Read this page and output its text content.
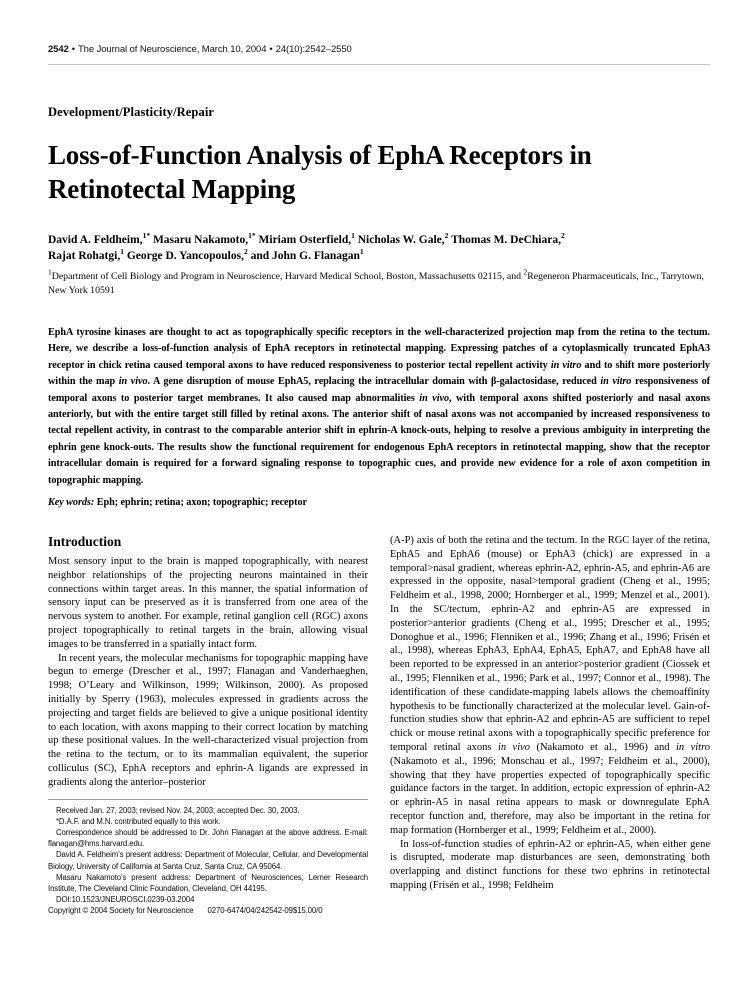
2542 • The Journal of Neuroscience, March 10, 2004 • 24(10):2542–2550
Development/Plasticity/Repair
Loss-of-Function Analysis of EphA Receptors in
Retinotectal Mapping

David A. Feldheim,$^{1*}$ Masaru Nakamoto,$^{1*}$ Miriam Osterfield,$^1$ Nicholas W. Gale,$^2$ Thomas M. DeChiara,$^2$
Rajat Rohatgi,$^1$ George D. Yancopoulos,$^2$ and John G. Flanagan$^1$

$^1$Department of Cell Biology and Program in Neuroscience, Harvard Medical School, Boston, Massachusetts 02115, and $^2$Regeneron Pharmaceuticals, Inc., Tarrytown, New York 10591

EphA tyrosine kinases are thought to act as topographically specific receptors in the well-characterized projection map from the retina to the tectum. Here, we describe a loss-of-function analysis of EphA receptors in retinotectal mapping. Expressing patches of a cytoplasmically truncated EphA3 receptor in chick retina caused temporal axons to have reduced responsiveness to posterior tectal repellent activity in vitro and to shift more posteriorly within the map in vivo. A gene disruption of mouse EphA5, replacing the intracellular domain with β-galactosidase, reduced in vitro responsiveness of temporal axons to posterior target membranes. It also caused map abnormalities in vivo, with temporal axons shifted posteriorly and nasal axons anteriorly, but with the entire target still filled by retinal axons. The anterior shift of nasal axons was not accompanied by increased responsiveness to tectal repellent activity, in contrast to the comparable anterior shift in ephrin-A knock-outs, helping to resolve a previous ambiguity in interpreting the ephrin gene knock-outs. The results show the functional requirement for endogenous EphA receptors in retinotectal mapping, show that the receptor intracellular domain is required for a forward signaling response to topographic cues, and provide new evidence for a role of axon competition in topographic mapping.

Key words: Eph; ephrin; retina; axon; topographic; receptor

Introduction

Most sensory input to the brain is mapped topographically, with nearest neighbor relationships of the projecting neurons maintained in their connections within target areas. In this manner, the spatial information of sensory input can be preserved as it is transferred from one area of the nervous system to another. For example, retinal ganglion cell (RGC) axons project topographically to retinal targets in the brain, allowing visual images to be transferred in a spatially intact form.

In recent years, the molecular mechanisms for topographic mapping have begun to emerge (Drescher et al., 1997; Flanagan and Vanderhaeghen, 1998; O’Leary and Wilkinson, 1999; Wilkinson, 2000). As proposed initially by Sperry (1963), molecules expressed in gradients across the projecting and target fields are believed to give a unique positional identity to each location, with axons mapping to their correct location by matching up these positional values. In the well-characterized visual projection from the retina to the tectum, or to its mammalian equivalent, the superior colliculus (SC), EphA receptors and ephrin-A ligands are expressed in gradients along the anterior–posterior

Received Jan. 27, 2003; revised Nov. 24, 2003; accepted Dec. 30, 2003.

*D.A.F. and M.N. contributed equally to this work.

Correspondence should be addressed to Dr. John Flanagan at the above address. E-mail: flanagan@hms.harvard.edu.

David A. Feldheim’s present address: Department of Molecular, Cellular, and Developmental Biology, University of California at Santa Cruz, Santa Cruz, CA 95064.

Masaru Nakamoto’s present address: Department of Neurosciences, Lerner Research Institute, The Cleveland Clinic Foundation, Cleveland, OH 44195.

DOI:10.1523/JNEUROSCI.0239-03.2004

Copyright © 2004 Society for Neuroscience 0270-6474/04/242542-09$15.00/0

(A-P) axis of both the retina and the tectum. In the RGC layer of the retina, EphA5 and EphA6 (mouse) or EphA3 (chick) are expressed in a temporal>nasal gradient, whereas ephrin-A2, ephrin-A5, and ephrin-A6 are expressed in the opposite, nasal>temporal gradient (Cheng et al., 1995; Feldheim et al., 1998, 2000; Hornberger et al., 1999; Menzel et al., 2001). In the SC/tectum, ephrin-A2 and ephrin-A5 are expressed in posterior>anterior gradients (Cheng et al., 1995; Drescher et al., 1995; Donoghue et al., 1996; Flenniken et al., 1996; Zhang et al., 1996; Frisén et al., 1998), whereas EphA3, EphA4, EphA5, EphA7, and EphA8 have all been reported to be expressed in an anterior>posterior gradient (Ciossek et al., 1995; Flenniken et al., 1996; Park et al., 1997; Connor et al., 1998). The identification of these candidate-mapping labels allows the chemoaffinity hypothesis to be functionally characterized at the molecular level. Gain-of-function studies show that ephrin-A2 and ephrin-A5 are sufficient to repel chick or mouse retinal axons with a topographically specific preference for temporal retinal axons in vivo (Nakamoto et al., 1996) and in vitro (Nakamoto et al., 1996; Monschau et al., 1997; Feldheim et al., 2000), showing that they have properties expected of topographically specific guidance factors in the target. In addition, ectopic expression of ephrin-A2 or ephrin-A5 in nasal retina appears to mask or downregulate EphA receptor function and, therefore, may also be important in the retina for map formation (Hornberger et al., 1999; Feldheim et al., 2000).

In loss-of-function studies of ephrin-A2 or ephrin-A5, when either gene is disrupted, moderate map disturbances are seen, demonstrating both overlapping and distinct functions for these two ephrins in retinotectal mapping (Frisén et al., 1998; Feldheim
